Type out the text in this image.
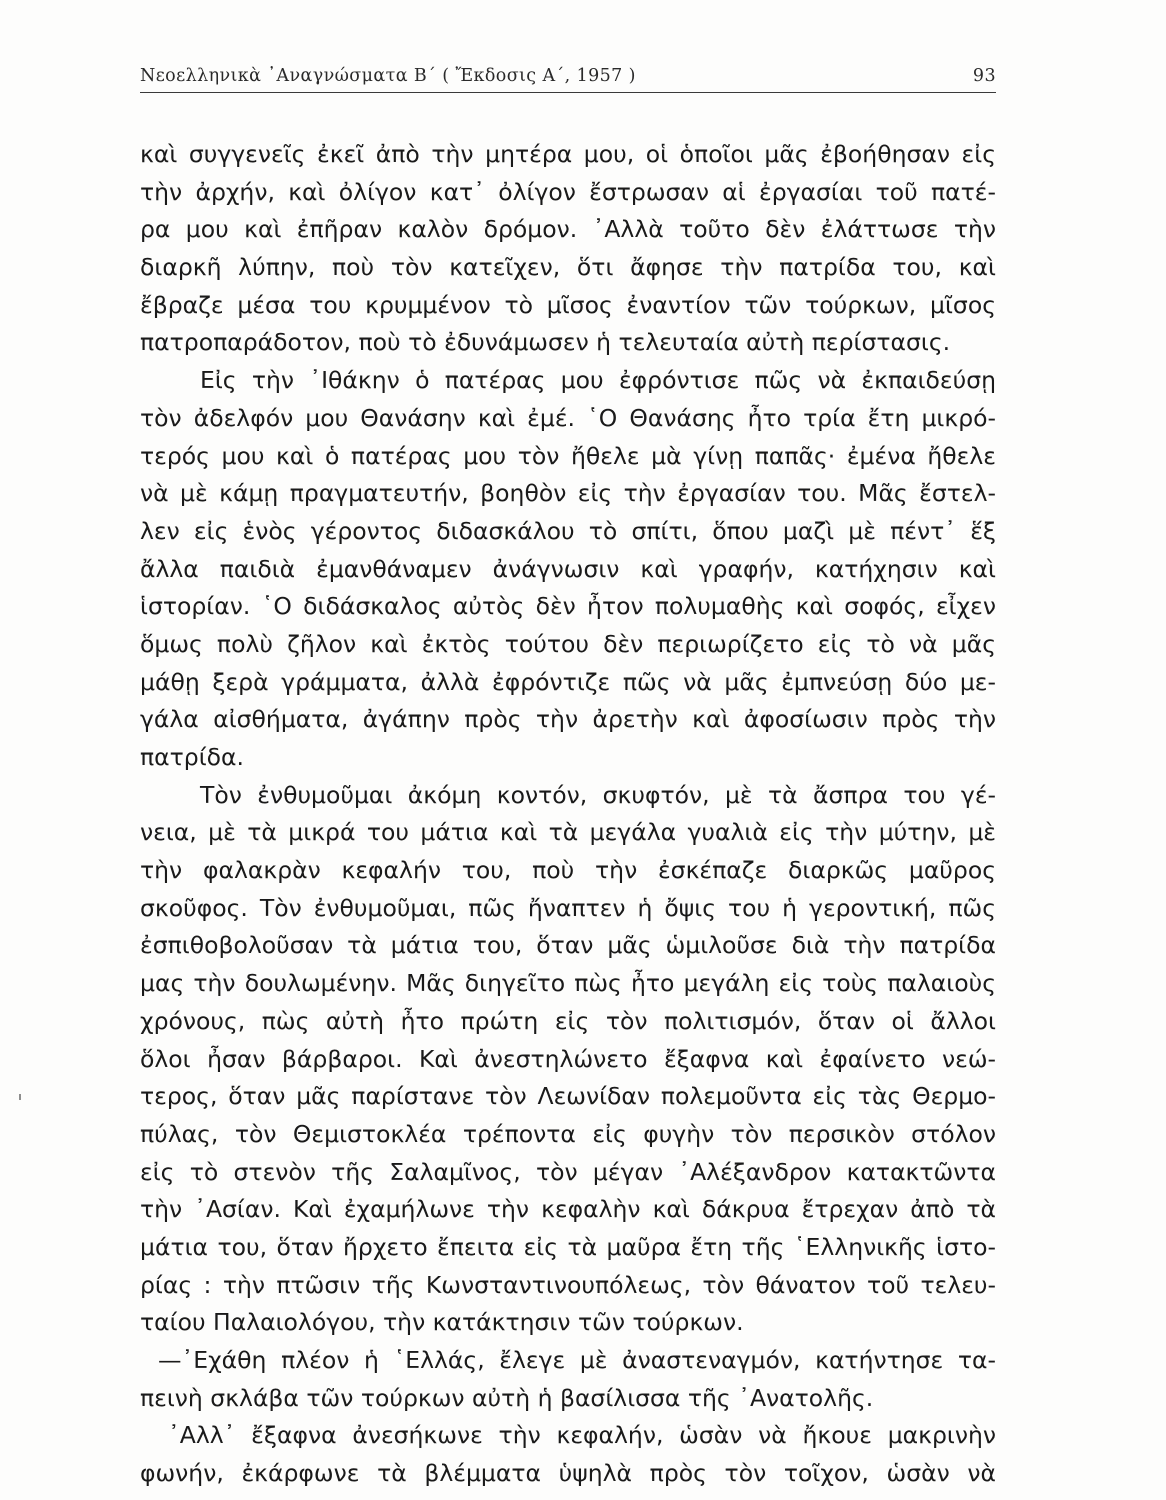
Νεοελληνικὰ ᾿Αναγνώσματα Β΄ ( Ἔκδοσις Α΄, 1957 )	93
καὶ συγγενεῖς ἐκεῖ ἀπὸ τὴν μητέρα μου, οἱ ὁποῖοι μᾶς ἐβοήθησαν εἰς
τὴν ἀρχήν, καὶ ὀλίγον κατ᾿ ὀλίγον ἔστρωσαν αἱ ἐργασίαι τοῦ πατέ-
ρα μου καὶ ἐπῆραν καλὸν δρόμον. ᾿Αλλὰ τοῦτο δὲν ἐλάττωσε τὴν
διαρκῆ λύπην, ποὺ τὸν κατεῖχεν, ὅτι ἄφησε τὴν πατρίδα του, καὶ
ἔβραζε μέσα του κρυμμένον τὸ μῖσος ἐναντίον τῶν τούρκων, μῖσος
πατροπαράδοτον, ποὺ τὸ ἐδυνάμωσεν ἡ τελευταία αὐτὴ περίστασις.
Εἰς τὴν ᾿Ιθάκην ὁ πατέρας μου ἐφρόντισε πῶς νὰ ἐκπαιδεύσῃ
τὸν ἀδελφόν μου Θανάσην καὶ ἐμέ. ῾Ο Θανάσης ἦτο τρία ἔτη μικρό-
τερός μου καὶ ὁ πατέρας μου τὸν ἤθελε μὰ γίνῃ παπᾶς· ἐμένα ἤθελε
νὰ μὲ κάμῃ πραγματευτήν, βοηθὸν εἰς τὴν ἐργασίαν του. Μᾶς ἔστελ-
λεν εἰς ἑνὸς γέροντος διδασκάλου τὸ σπίτι, ὅπου μαζὶ μὲ πέντ᾿ ἕξ
ἄλλα παιδιὰ ἐμανθάναμεν ἀνάγνωσιν καὶ γραφήν, κατήχησιν καὶ
ἱστορίαν. ῾Ο διδάσκαλος αὐτὸς δὲν ἦτον πολυμαθὴς καὶ σοφός, εἶχεν
ὅμως πολὺ ζῆλον καὶ ἐκτὸς τούτου δὲν περιωρίζετο εἰς τὸ νὰ μᾶς
μάθῃ ξερὰ γράμματα, ἀλλὰ ἐφρόντιζε πῶς νὰ μᾶς ἐμπνεύσῃ δύο με-
γάλα αἰσθήματα, ἀγάπην πρὸς τὴν ἀρετὴν καὶ ἀφοσίωσιν πρὸς τὴν
πατρίδα.
Τὸν ἐνθυμοῦμαι ἀκόμη κοντόν, σκυφτόν, μὲ τὰ ἄσπρα του γέ-
νεια, μὲ τὰ μικρά του μάτια καὶ τὰ μεγάλα γυαλιὰ εἰς τὴν μύτην, μὲ
τὴν φαλακρὰν κεφαλήν του, ποὺ τὴν ἐσκέπαζε διαρκῶς μαῦρος
σκοῦφος. Τὸν ἐνθυμοῦμαι, πῶς ἤναπτεν ἡ ὄψις του ἡ γεροντική, πῶς
ἐσπιθοβολοῦσαν τὰ μάτια του, ὅταν μᾶς ὡμιλοῦσε διὰ τὴν πατρίδα
μας τὴν δουλωμένην. Μᾶς διηγεῖτο πὼς ἦτο μεγάλη εἰς τοὺς παλαιοὺς
χρόνους, πὼς αὐτὴ ἦτο πρώτη εἰς τὸν πολιτισμόν, ὅταν οἱ ἄλλοι
ὅλοι ἦσαν βάρβαροι. Καὶ ἀνεστηλώνετο ἔξαφνα καὶ ἐφαίνετο νεώ-
τερος, ὅταν μᾶς παρίστανε τὸν Λεωνίδαν πολεμοῦντα εἰς τὰς Θερμο-
πύλας, τὸν Θεμιστοκλέα τρέποντα εἰς φυγὴν τὸν περσικὸν στόλον
εἰς τὸ στενὸν τῆς Σαλαμῖνος, τὸν μέγαν ᾿Αλέξανδρον κατακτῶντα
τὴν ᾿Ασίαν. Καὶ ἐχαμήλωνε τὴν κεφαλὴν καὶ δάκρυα ἔτρεχαν ἀπὸ τὰ
μάτια του, ὅταν ἤρχετο ἔπειτα εἰς τὰ μαῦρα ἔτη τῆς ῾Ελληνικῆς ἱστο-
ρίας : τὴν πτῶσιν τῆς Κωνσταντινουπόλεως, τὸν θάνατον τοῦ τελευ-
ταίου Παλαιολόγου, τὴν κατάκτησιν τῶν τούρκων.
—᾿Εχάθη πλέον ἡ ῾Ελλάς, ἔλεγε μὲ ἀναστεναγμόν, κατήντησε τα-
πεινὴ σκλάβα τῶν τούρκων αὐτὴ ἡ βασίλισσα τῆς ᾿Ανατολῆς.
᾿Αλλ᾿ ἔξαφνα ἀνεσήκωνε τὴν κεφαλήν, ὡσὰν νὰ ἤκουε μακρινὴν
φωνήν, ἐκάρφωνε τὰ βλέμματα ὑψηλὰ πρὸς τὸν τοῖχον, ὡσὰν νὰ
